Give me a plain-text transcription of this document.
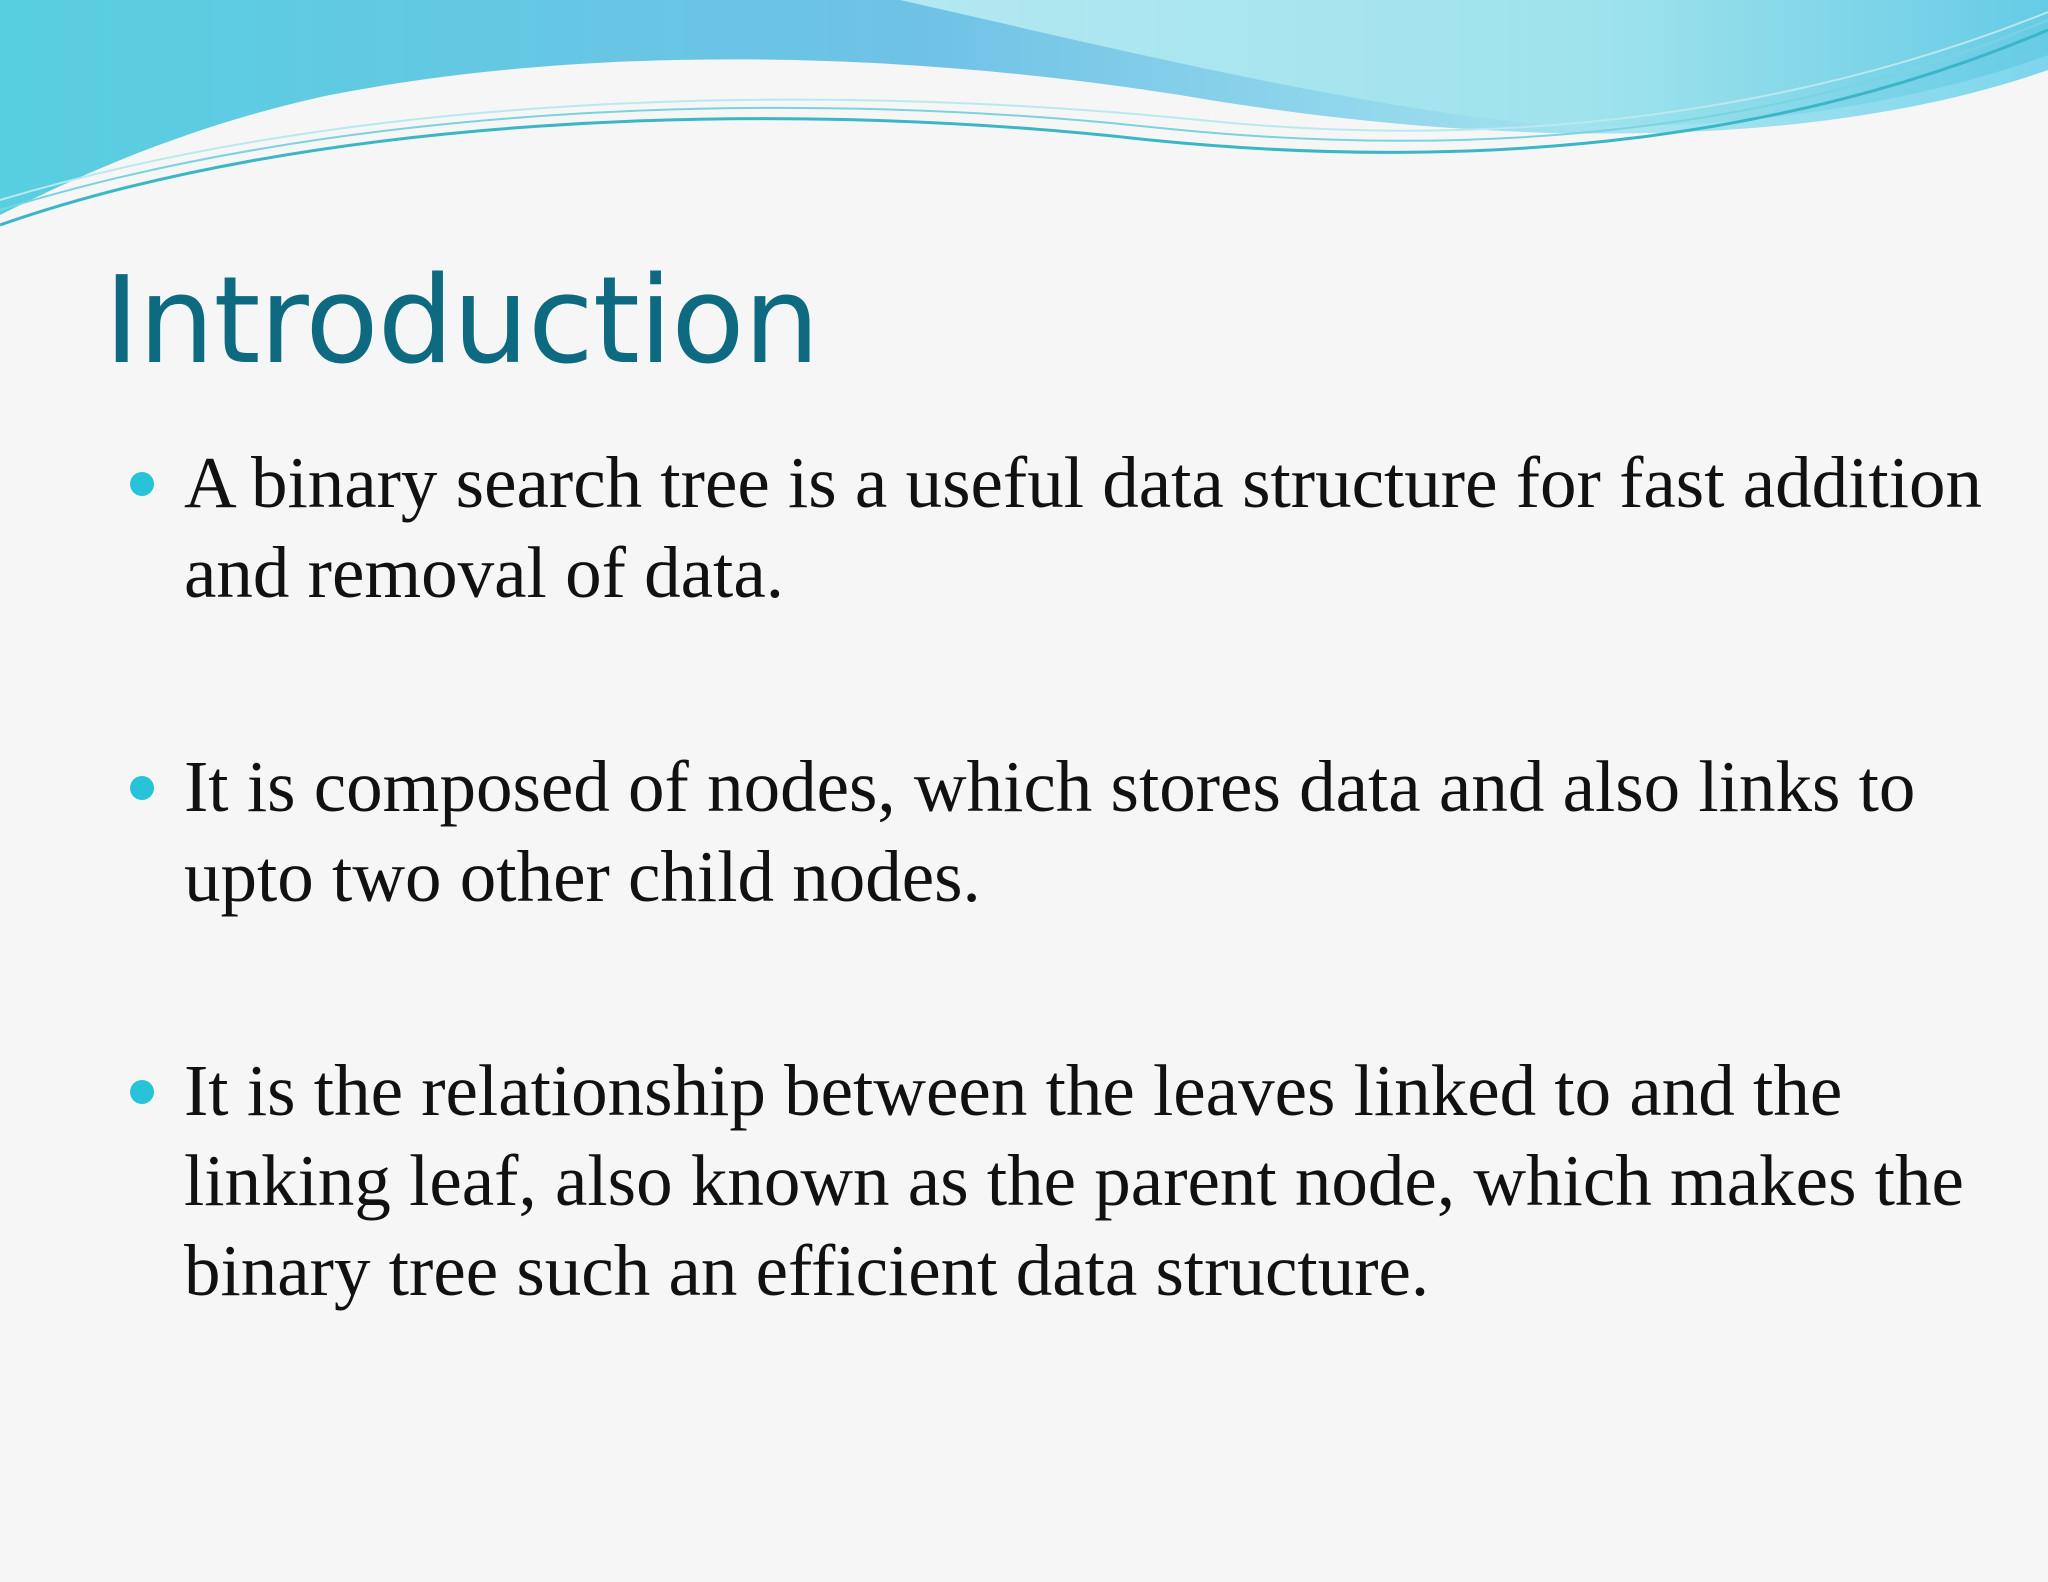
Introduction
A binary search tree is a useful data structure for fast addition and removal of data.
It is composed of nodes, which stores data and also links to upto two other child nodes.
It is the relationship between the leaves linked to and the linking leaf, also known as the parent node, which makes the binary tree such an efficient data structure.
